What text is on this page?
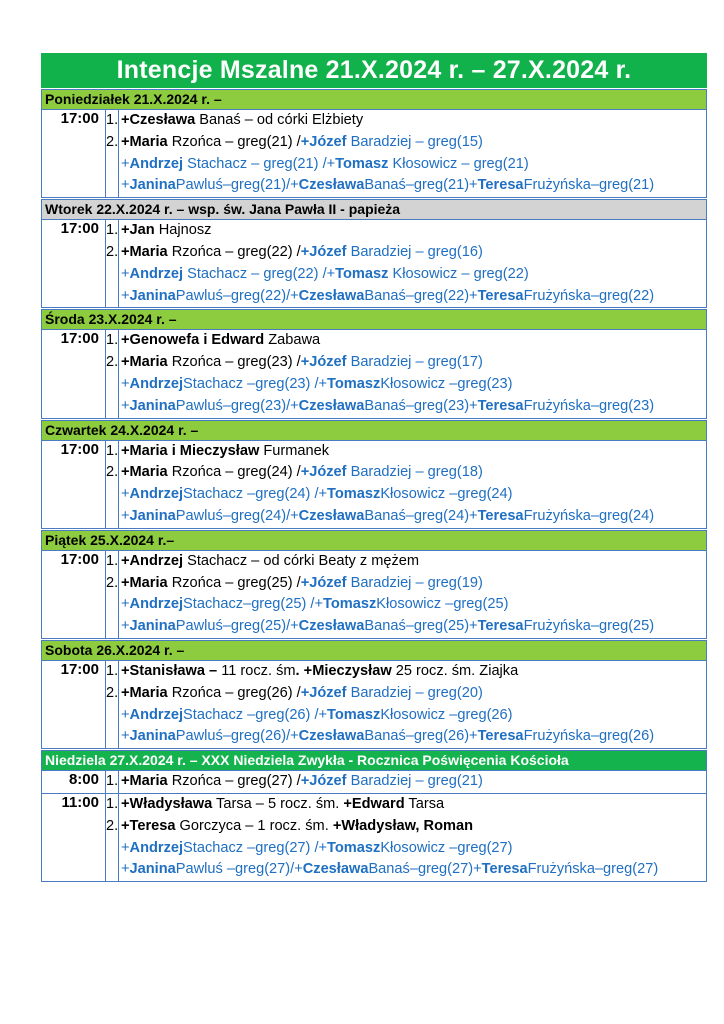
Intencje Mszalne 21.X.2024 r. – 27.X.2024 r.
Poniedziałek 21.X.2024 r. –
17:00 1. +Czesława Banaś – od córki Elżbiety
2. +Maria Rzońca – greg(21) /+Józef Baradziej – greg(15)
+Andrzej Stachacz – greg(21) /+Tomasz Kłosowicz – greg(21)
+JaninaPawluś–greg(21)/+CzesławaBanaś–greg(21)+TeresaFrużyńska–greg(21)
Wtorek 22.X.2024 r. – wsp. św. Jana Pawła II - papieża
17:00 1. +Jan Hajnosz
2. +Maria Rzońca – greg(22) /+Józef Baradziej – greg(16)
+Andrzej Stachacz – greg(22) /+Tomasz Kłosowicz – greg(22)
+JaninaPawluś–greg(22)/+CzesławaBanaś–greg(22)+TeresaFrużyńska–greg(22)
Środa 23.X.2024 r. –
17:00 1. +Genowefa i Edward Zabawa
2. +Maria Rzońca – greg(23) /+Józef Baradziej – greg(17)
+AndrzejStachacz –greg(23) /+TomaszKłosowicz –greg(23)
+JaninaPawluś–greg(23)/+CzesławaBanaś–greg(23)+TeresaFrużyńska–greg(23)
Czwartek 24.X.2024 r. –
17:00 1. +Maria i Mieczysław Furmanek
2. +Maria Rzońca – greg(24) /+Józef Baradziej – greg(18)
+AndrzejStachacz –greg(24) /+TomaszKłosowicz –greg(24)
+JaninaPawluś–greg(24)/+CzesławaBanaś–greg(24)+TeresaFrużyńska–greg(24)
Piątek 25.X.2024 r.–
17:00 1. +Andrzej Stachacz – od córki Beaty z mężem
2. +Maria Rzońca – greg(25) /+Józef Baradziej – greg(19)
+AndrzejStachacz–greg(25) /+TomaszKłosowicz –greg(25)
+JaninaPawluś–greg(25)/+CzesławaBanaś–greg(25)+TeresaFrużyńska–greg(25)
Sobota 26.X.2024 r. –
17:00 1. +Stanisława – 11 rocz. śm. +Mieczysław 25 rocz. śm. Ziajka
2. +Maria Rzońca – greg(26) /+Józef Baradziej – greg(20)
+AndrzejStachacz –greg(26) /+TomaszKłosowicz –greg(26)
+JaninaPawluś–greg(26)/+CzesławaBanaś–greg(26)+TeresaFrużyńska–greg(26)
Niedziela 27.X.2024 r. – XXX Niedziela Zwykła - Rocznica Poświęcenia Kościoła
8:00 1. +Maria Rzońca – greg(27) /+Józef Baradziej – greg(21)
11:00 1. +Władysława Tarsa – 5 rocz. śm. +Edward Tarsa
2. +Teresa Gorczyca – 1 rocz. śm. +Władysław, Roman
+AndrzejStachacz –greg(27) /+TomaszKłosowicz –greg(27)
+JaninaPawluś –greg(27)/+CzesławaBanaś–greg(27)+TeresaFrużyńska–greg(27)
